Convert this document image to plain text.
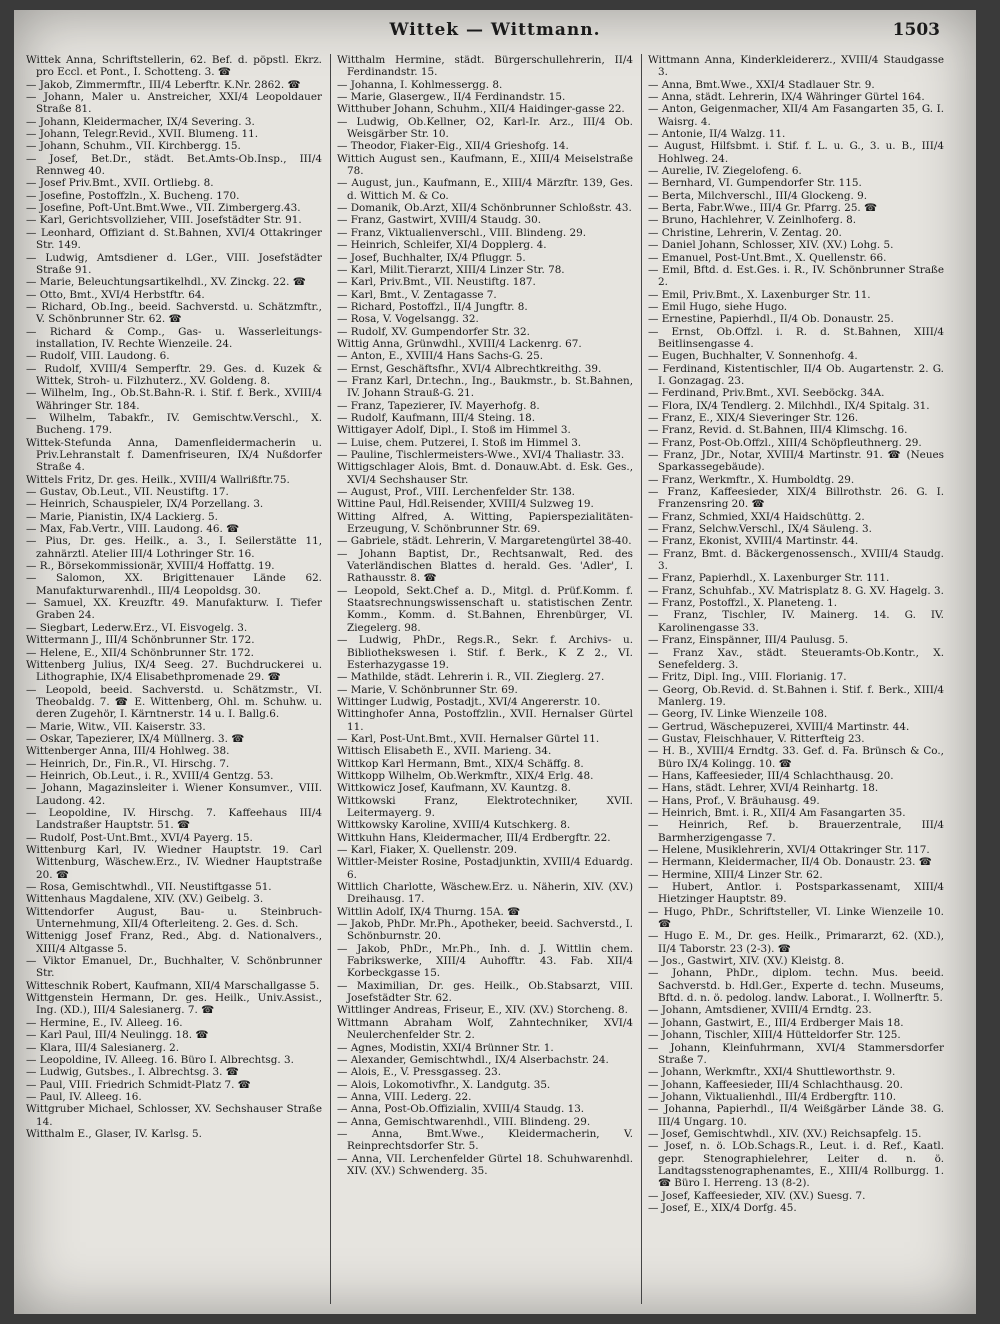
Wittek — Wittmann.	1503

Wittek Anna, Schriftstellerin, 62. Bef. d. pöpstl. Ekrz. pro Eccl. et Pont., I. Schotteng. 3. ☎

— Jakob, Zimmermftr., III/4 Leberftr. K.Nr. 2862. ☎

— Johann, Maler u. Anstreicher, XXI/4 Leopoldauer Straße 81.

— Johann, Kleidermacher, IX/4 Severing. 3.

— Johann, Telegr.Revid., XVII. Blumeng. 11.

— Johann, Schuhm., VII. Kirchbergg. 15.

— Josef, Bet.Dr., städt. Bet.Amts-Ob.Insp., III/4 Rennweg 40.

— Josef Priv.Bmt., XVII. Ortliebg. 8.

— Josefine, Postoffzln., X. Bucheng. 170.

— Josefine, Poft-Unt.Bmt.Wwe., VII. Zimbergerg.43.

— Karl, Gerichtsvollzieher, VIII. Josefstädter Str. 91.

— Leonhard, Offiziant d. St.Bahnen, XVI/4 Ottakringer Str. 149.

— Ludwig, Amtsdiener d. LGer., VIII. Josefstädter Straße 91.

— Marie, Beleuchtungsartikelhdl., XV. Zinckg. 22. ☎

— Otto, Bmt., XVI/4 Herbstftr. 64.

— Richard, Ob.Ing., beeid. Sachverstd. u. Schätzmftr., V. Schönbrunner Str. 62. ☎

— Richard & Comp., Gas- u. Wasserleitungs-installation, IV. Rechte Wienzeile. 24.

— Rudolf, VIII. Laudong. 6.

— Rudolf, XVIII/4 Semperftr. 29. Ges. d. Kuzek & Wittek, Stroh- u. Filzhuterz., XV. Goldeng. 8.

— Wilhelm, Ing., Ob.St.Bahn-R. i. Stif. f. Berk., XVIII/4 Währinger Str. 184.

— Wilhelm, Tabakfr., IV. Gemischtw.Verschl., X. Bucheng. 179.

Wittek-Stefunda Anna, Damenfleidermacherin u. Priv.Lehranstalt f. Damenfriseuren, IX/4 Nußdorfer Straße 4.

Wittels Fritz, Dr. ges. Heilk., XVIII/4 Wallrißftr.75.

— Gustav, Ob.Leut., VII. Neustiftg. 17.

— Heinrich, Schauspieler, IX/4 Porzellang. 3.

— Marie, Pianistin, IX/4 Lackierg. 5.

— Max, Fab.Vertr., VIII. Laudong. 46. ☎

— Pius, Dr. ges. Heilk., a. 3., I. Seilerstätte 11, zahnärztl. Atelier III/4 Lothringer Str. 16.

— R., Börsekommissionär, XVIII/4 Hoffattg. 19.

— Salomon, XX. Brigittenauer Lände 62. Manufakturwarenhdl., III/4 Leopoldsg. 30.

— Samuel, XX. Kreuzftr. 49. Manufakturw. I. Tiefer Graben 24.

— Siegbart, Lederw.Erz., VI. Eisvogelg. 3.

Wittermann J., III/4 Schönbrunner Str. 172.

— Helene, E., XII/4 Schönbrunner Str. 172.

Wittenberg Julius, IX/4 Seeg. 27. Buchdruckerei u. Lithographie, IX/4 Elisabethpromenade 29. ☎

— Leopold, beeid. Sachverstd. u. Schätzmstr., VI. Theobaldg. 7. ☎ E. Wittenberg, Ohl. m. Schuhw. u. deren Zugehör, I. Kärntnerstr. 14 u. I. Ballg.6.

— Marie, Witw., VII. Kaiserstr. 33.

— Oskar, Tapezierer, IX/4 Müllnerg. 3. ☎

Wittenberger Anna, III/4 Hohlweg. 38.

— Heinrich, Dr., Fin.R., VI. Hirschg. 7.

— Heinrich, Ob.Leut., i. R., XVIII/4 Gentzg. 53.

— Johann, Magazinsleiter i. Wiener Konsumver., VIII. Laudong. 42.

— Leopoldine, IV. Hirschg. 7. Kaffeehaus III/4 Landstraßer Hauptstr. 51. ☎

— Rudolf, Post-Unt.Bmt., XVI/4 Payerg. 15.

Wittenburg Karl, IV. Wiedner Hauptstr. 19. Carl Wittenburg, Wäschew.Erz., IV. Wiedner Hauptstraße 20. ☎

— Rosa, Gemischtwhdl., VII. Neustiftgasse 51.

Wittenhaus Magdalene, XIV. (XV.) Geibelg. 3.

Wittendorfer August, Bau- u. Steinbruch-Unternehmung, XII/4 Ofterleiteng. 2. Ges. d. Sch.

Wittenigg Josef Franz, Red., Abg. d. Nationalvers., XIII/4 Altgasse 5.

— Viktor Emanuel, Dr., Buchhalter, V. Schönbrunner Str.

Witteschnik Robert, Kaufmann, XII/4 Marschallgasse 5.

Wittgenstein Hermann, Dr. ges. Heilk., Univ.Assist., Ing. (XD.), III/4 Salesianerg. 7. ☎

— Hermine, E., IV. Alleeg. 16.

— Karl Paul, III/4 Neulingg. 18. ☎

— Klara, III/4 Salesianerg. 2.

— Leopoldine, IV. Alleeg. 16. Büro I. Albrechtsg. 3.

— Ludwig, Gutsbes., I. Albrechtsg. 3. ☎

— Paul, VIII. Friedrich Schmidt-Platz 7. ☎

— Paul, IV. Alleeg. 16.

Wittgruber Michael, Schlosser, XV. Sechshauser Straße 14.

Witthalm E., Glaser, IV. Karlsg. 5.

Witthalm Hermine, städt. Bürgerschullehrerin, II/4 Ferdinandstr. 15.

— Johanna, I. Kohlmessergg. 8.

— Marie, Glasergew., II/4 Ferdinandstr. 15.

Witthuber Johann, Schuhm., XII/4 Haidinger-gasse 22.

— Ludwig, Ob.Kellner, O2, Karl-Ir. Arz., III/4 Ob. Weisgärber Str. 10.

— Theodor, Fiaker-Eig., XII/4 Grieshofg. 14.

Wittich August sen., Kaufmann, E., XIII/4 Meiselstraße 78.

— August, jun., Kaufmann, E., XIII/4 Märzftr. 139, Ges. d. Wittich M. & Co.

— Domanik, Ob.Arzt, XII/4 Schönbrunner Schloßstr. 43.

— Franz, Gastwirt, XVIII/4 Staudg. 30.

— Franz, Viktualienverschl., VIII. Blindeng. 29.

— Heinrich, Schleifer, XI/4 Dopplerg. 4.

— Josef, Buchhalter, IX/4 Pfluggr. 5.

— Karl, Milit.Tierarzt, XIII/4 Linzer Str. 78.

— Karl, Priv.Bmt., VII. Neustiftg. 187.

— Karl, Bmt., V. Zentagasse 7.

— Richard, Postoffzl., II/4 Jungftr. 8.

— Rosa, V. Vogelsangg. 32.

— Rudolf, XV. Gumpendorfer Str. 32.

Wittig Anna, Grünwdhl., XVIII/4 Lackenrg. 67.

— Anton, E., XVIII/4 Hans Sachs-G. 25.

— Ernst, Geschäftsfhr., XVI/4 Albrechtkreithg. 39.

— Franz Karl, Dr.techn., Ing., Baukmstr., b. St.Bahnen, IV. Johann Strauß-G. 21.

— Franz, Tapezierer, IV. Mayerhofg. 8.

— Rudolf, Kaufmann, III/4 Steing. 18.

Wittigayer Adolf, Dipl., I. Stoß im Himmel 3.

— Luise, chem. Putzerei, I. Stoß im Himmel 3.

— Pauline, Tischlermeisters-Wwe., XVI/4 Thaliastr. 33.

Wittigschlager Alois, Bmt. d. Donauw.Abt. d. Esk. Ges., XVI/4 Sechshauser Str.

— August, Prof., VIII. Lerchenfelder Str. 138.

Wittine Paul, Hdl.Reisender, XVIII/4 Sulzweg 19.

Witting Alfred, A. Witting, Papierspezialitäten-Erzeugung, V. Schönbrunner Str. 69.

— Gabriele, städt. Lehrerin, V. Margaretengürtel 38-40.

— Johann Baptist, Dr., Rechtsanwalt, Red. des Vaterländischen Blattes d. herald. Ges. 'Adler', I. Rathausstr. 8. ☎

— Leopold, Sekt.Chef a. D., Mitgl. d. Prüf.Komm. f. Staatsrechnungswissenschaft u. statistischen Zentr. Komm., Komm. d. St.Bahnen, Ehrenbürger, VI. Ziegelerg. 98.

— Ludwig, PhDr., Regs.R., Sekr. f. Archivs- u. Bibliothekswesen i. Stif. f. Berk., K Z 2., VI. Esterhazygasse 19.

— Mathilde, städt. Lehrerin i. R., VII. Zieglerg. 27.

— Marie, V. Schönbrunner Str. 69.

Wittinger Ludwig, Postadjt., XVI/4 Angererstr. 10.

Wittinghofer Anna, Postoffzlin., XVII. Hernalser Gürtel 11.

— Karl, Post-Unt.Bmt., XVII. Hernalser Gürtel 11.

Wittisch Elisabeth E., XVII. Marieng. 34.

Wittkop Karl Hermann, Bmt., XIX/4 Schäffg. 8.

Wittkopp Wilhelm, Ob.Werkmftr., XIX/4 Erlg. 48.

Wittkowicz Josef, Kaufmann, XV. Kauntzg. 8.

Wittkowski Franz, Elektrotechniker, XVII. Leitermayerg. 9.

Wittkowsky Karoline, XVIII/4 Kutschkerg. 8.

Wittkuhn Hans, Kleidermacher, III/4 Erdbergftr. 22.

— Karl, Fiaker, X. Quellenstr. 209.

Wittler-Meister Rosine, Postadjunktin, XVIII/4 Eduardg. 6.

Wittlich Charlotte, Wäschew.Erz. u. Näherin, XIV. (XV.) Dreihausg. 17.

Wittlin Adolf, IX/4 Thurng. 15A. ☎

— Jakob, PhDr. Mr.Ph., Apotheker, beeid. Sachverstd., I. Schönburnstr. 20.

— Jakob, PhDr., Mr.Ph., Inh. d. J. Wittlin chem. Fabrikswerke, XIII/4 Auhofftr. 43. Fab. XII/4 Korbeckgasse 15.

— Maximilian, Dr. ges. Heilk., Ob.Stabsarzt, VIII. Josefstädter Str. 62.

Wittlinger Andreas, Friseur, E., XIV. (XV.) Storcheng. 8.

Wittmann Abraham Wolf, Zahntechniker, XVI/4 Neulerchenfelder Str. 2.

— Agnes, Modistin, XXI/4 Brünner Str. 1.

— Alexander, Gemischtwhdl., IX/4 Alserbachstr. 24.

— Alois, E., V. Pressgasseg. 23.

— Alois, Lokomotivfhr., X. Landgutg. 35.

— Anna, VIII. Lederg. 22.

— Anna, Post-Ob.Offizialin, XVIII/4 Staudg. 13.

— Anna, Gemischtwarenhdl., VIII. Blindeng. 29.

— Anna, Bmt.Wwe., Kleidermacherin, V. Reinprechtsdorfer Str. 5.

— Anna, VII. Lerchenfelder Gürtel 18. Schuhwarenhdl. XIV. (XV.) Schwenderg. 35.

Wittmann Anna, Kinderkleidererz., XVIII/4 Staudgasse 3.

— Anna, Bmt.Wwe., XXI/4 Stadlauer Str. 9.

— Anna, städt. Lehrerin, IX/4 Währinger Gürtel 164.

— Anton, Geigenmacher, XII/4 Am Fasangarten 35, G. I. Waisrg. 4.

— Antonie, II/4 Walzg. 11.

— August, Hilfsbmt. i. Stif. f. L. u. G., 3. u. B., III/4 Hohlweg. 24.

— Aurelie, IV. Ziegelofeng. 6.

— Bernhard, VI. Gumpendorfer Str. 115.

— Berta, Milchverschl., III/4 Glockeng. 9.

— Berta, Fabr.Wwe., III/4 Gr. Pfarrg. 25. ☎

— Bruno, Hachlehrer, V. Zeinlhoferg. 8.

— Christine, Lehrerin, V. Zentag. 20.

— Daniel Johann, Schlosser, XIV. (XV.) Lohg. 5.

— Emanuel, Post-Unt.Bmt., X. Quellenstr. 66.

— Emil, Bftd. d. Est.Ges. i. R., IV. Schönbrunner Straße 2.

— Emil, Priv.Bmt., X. Laxenburger Str. 11.

— Emil Hugo, siehe Hugo.

— Ernestine, Papierhdl., II/4 Ob. Donaustr. 25.

— Ernst, Ob.Offzl. i. R. d. St.Bahnen, XIII/4 Beitlinsengasse 4.

— Eugen, Buchhalter, V. Sonnenhofg. 4.

— Ferdinand, Kistentischler, II/4 Ob. Augartenstr. 2. G. I. Gonzagag. 23.

— Ferdinand, Priv.Bmt., XVI. Seeböckg. 34A.

— Flora, IX/4 Tendlerg. 2. Milchhdl., IX/4 Spitalg. 31.

— Franz, E., XIX/4 Sieveringer Str. 126.

— Franz, Revid. d. St.Bahnen, III/4 Klimschg. 16.

— Franz, Post-Ob.Offzl., XIII/4 Schöpfleuthnerg. 29.

— Franz, JDr., Notar, XVIII/4 Martinstr. 91. ☎ (Neues Sparkassegebäude).

— Franz, Werkmftr., X. Humboldtg. 29.

— Franz, Kaffeesieder, XIX/4 Billrothstr. 26. G. I. Franzensring 20. ☎

— Franz, Schmied, XXI/4 Haidschüttg. 2.

— Franz, Selchw.Verschl., IX/4 Säuleng. 3.

— Franz, Ekonist, XVIII/4 Martinstr. 44.

— Franz, Bmt. d. Bäckergenossensch., XVIII/4 Staudg. 3.

— Franz, Papierhdl., X. Laxenburger Str. 111.

— Franz, Schuhfab., XV. Matrisplatz 8. G. XV. Hagelg. 3.

— Franz, Postoffzl., X. Planeteng. 1.

— Franz, Tischler, IV. Mainerg. 14. G. IV. Karolinengasse 33.

— Franz, Einspänner, III/4 Paulusg. 5.

— Franz Xav., städt. Steueramts-Ob.Kontr., X. Senefelderg. 3.

— Fritz, Dipl. Ing., VIII. Florianig. 17.

— Georg, Ob.Revid. d. St.Bahnen i. Stif. f. Berk., XIII/4 Manlerg. 19.

— Georg, IV. Linke Wienzeile 108.

— Gertrud, Wäschepuzerei, XVIII/4 Martinstr. 44.

— Gustav, Fleischhauer, V. Ritterfteig 23.

— H. B., XVIII/4 Erndtg. 33. Gef. d. Fa. Brünsch & Co., Büro IX/4 Kolingg. 10. ☎

— Hans, Kaffeesieder, III/4 Schlachthausg. 20.

— Hans, städt. Lehrer, XVI/4 Reinhartg. 18.

— Hans, Prof., V. Bräuhausg. 49.

— Heinrich, Bmt. i. R., XII/4 Am Fasangarten 35.

— Heinrich, Ref. b. Brauerzentrale, III/4 Barmherzigengasse 7.

— Helene, Musiklehrerin, XVI/4 Ottakringer Str. 117.

— Hermann, Kleidermacher, II/4 Ob. Donaustr. 23. ☎

— Hermine, XIII/4 Linzer Str. 62.

— Hubert, Antlor. i. Postsparkassenamt, XIII/4 Hietzinger Hauptstr. 89.

— Hugo, PhDr., Schriftsteller, VI. Linke Wienzeile 10. ☎

— Hugo E. M., Dr. ges. Heilk., Primararzt, 62. (XD.), II/4 Taborstr. 23 (2-3). ☎

— Jos., Gastwirt, XIV. (XV.) Kleistg. 8.

— Johann, PhDr., diplom. techn. Mus. beeid. Sachverstd. b. Hdl.Ger., Experte d. techn. Museums, Bftd. d. n. ö. pedolog. landw. Laborat., I. Wollnerftr. 5.

— Johann, Amtsdiener, XVIII/4 Erndtg. 23.

— Johann, Gastwirt, E., III/4 Erdberger Mais 18.

— Johann, Tischler, XIII/4 Hütteldorfer Str. 125.

— Johann, Kleinfuhrmann, XVI/4 Stammersdorfer Straße 7.

— Johann, Werkmftr., XXI/4 Shuttleworthstr. 9.

— Johann, Kaffeesieder, III/4 Schlachthausg. 20.

— Johann, Viktualienhdl., III/4 Erdbergftr. 110.

— Johanna, Papierhdl., II/4 Weißgärber Lände 38. G. III/4 Ungarg. 10.

— Josef, Gemischtwhdl., XIV. (XV.) Reichsapfelg. 15.

— Josef, n. ö. LOb.Schags.R., Leut. i. d. Ref., Kaatl. gepr. Stenographielehrer, Leiter d. n. ö. Landtagsstenographenamtes, E., XIII/4 Rollburgg. 1. ☎ Büro I. Herreng. 13 (8-2).

— Josef, Kaffeesieder, XIV. (XV.) Suesg. 7.

— Josef, E., XIX/4 Dorfg. 45.
